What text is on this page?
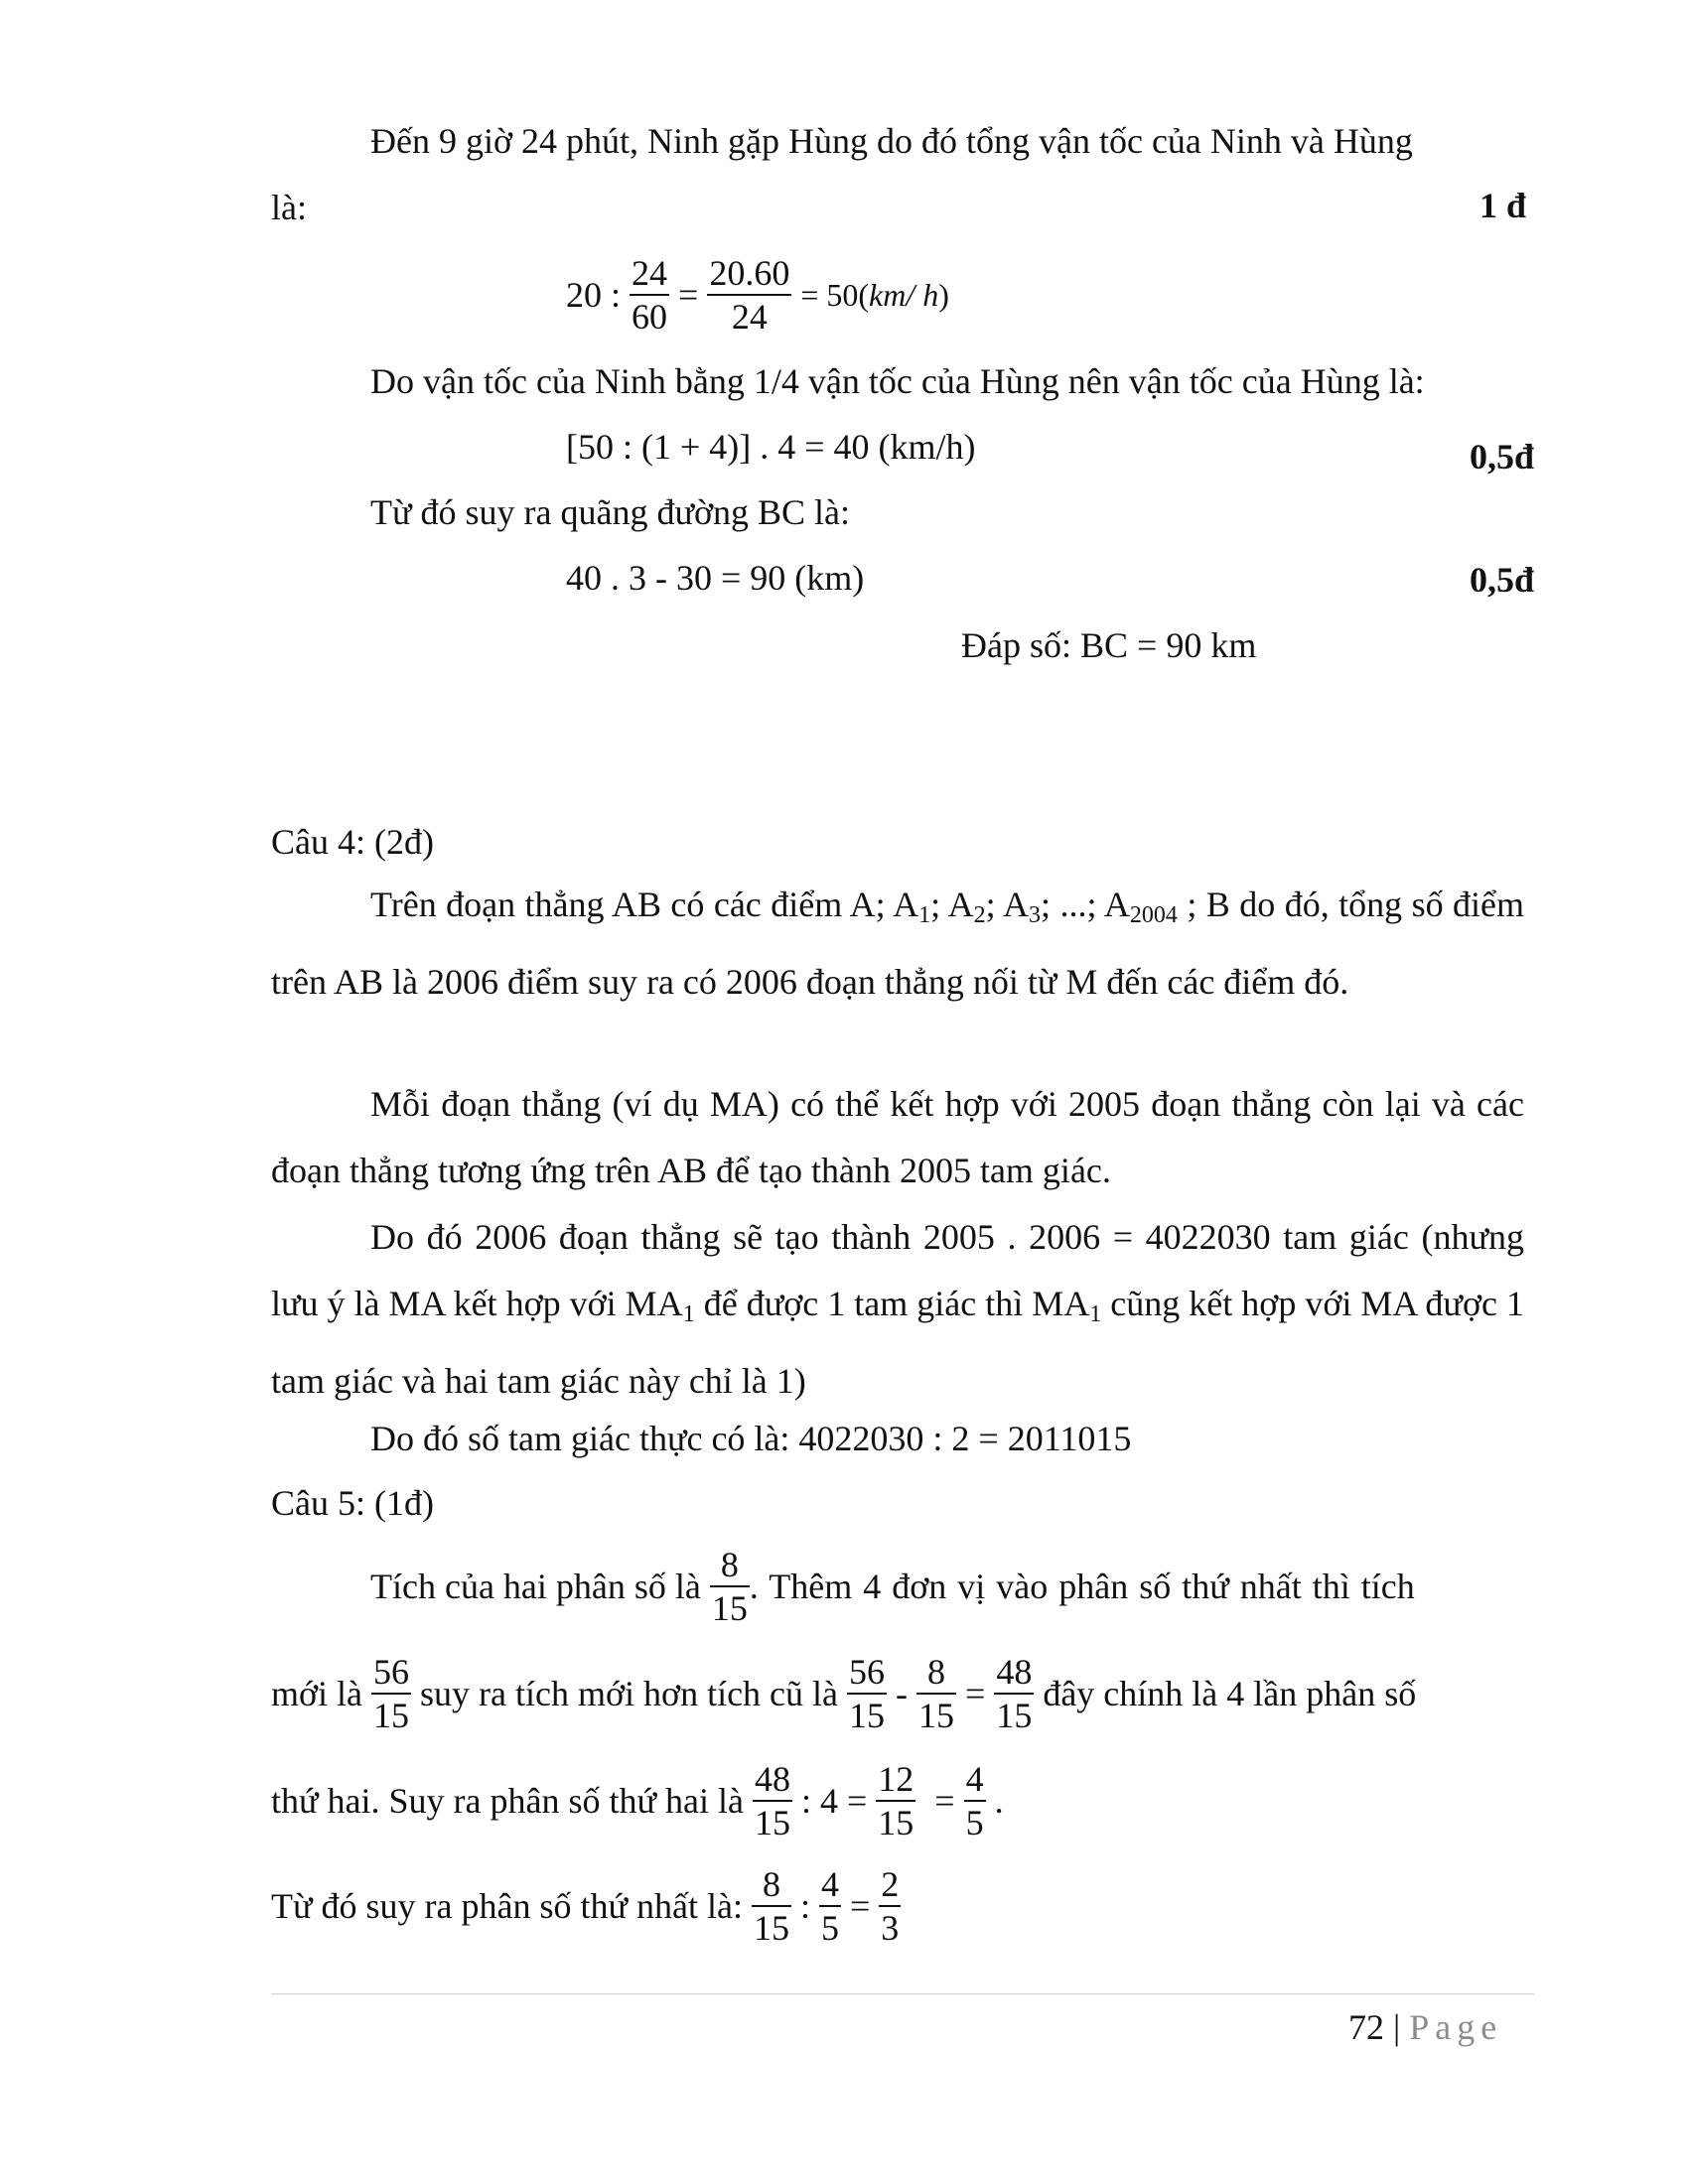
Đến 9 giờ 24 phút, Ninh gặp Hùng do đó tổng vận tốc của Ninh và Hùng
là:	1 đ
20 : $\frac{24}{60} = \frac{20.60}{24} = 50(km/$ h)
Do vận tốc của Ninh bằng 1/4 vận tốc của Hùng nên vận tốc của Hùng là:
[50 : (1 + 4)] . 4 = 40 (km/h)	0,5đ
Từ đó suy ra quãng đường BC là:
40 . 3 - 30 = 90 (km)	0,5đ
Đáp số: BC = 90 km
Câu 4: (2đ)
Trên đoạn thẳng AB có các điểm A; $A_1$; $A_2$; $A_3$; ...; $A_{2004}$ ; B do đó, tổng số điểm trên AB là 2006 điểm suy ra có 2006 đoạn thẳng nối từ M đến các điểm đó.
Mỗi đoạn thẳng (ví dụ MA) có thể kết hợp với 2005 đoạn thẳng còn lại và các đoạn thẳng tương ứng trên AB để tạo thành 2005 tam giác.
Do đó 2006 đoạn thẳng sẽ tạo thành 2005 . 2006 = 4022030 tam giác (nhưng lưu ý là MA kết hợp với $MA_1$ để được 1 tam giác thì $MA_1$ cũng kết hợp với MA được 1 tam giác và hai tam giác này chỉ là 1)
Do đó số tam giác thực có là: 4022030 : 2 = 2011015
Câu 5: (1đ)
Tích của hai phân số là $\frac{8}{15}$ . Thêm 4 đơn vị vào phân số thứ nhất thì tích
mới là $\frac{56}{15}$ suy ra tích mới hơn tích cũ là $\frac{56}{15} - \frac{8}{15} = \frac{48}{15}$ đây chính là 4 lần phân số
thứ hai. Suy ra phân số thứ hai là $\frac{48}{15}$ : $4 = \frac{12}{15} = \frac{4}{5}$ .
Từ đó suy ra phân số thứ nhất là: $\frac{8}{15}$ : $\frac{4}{5} = \frac{2}{3}$
72 | Page
